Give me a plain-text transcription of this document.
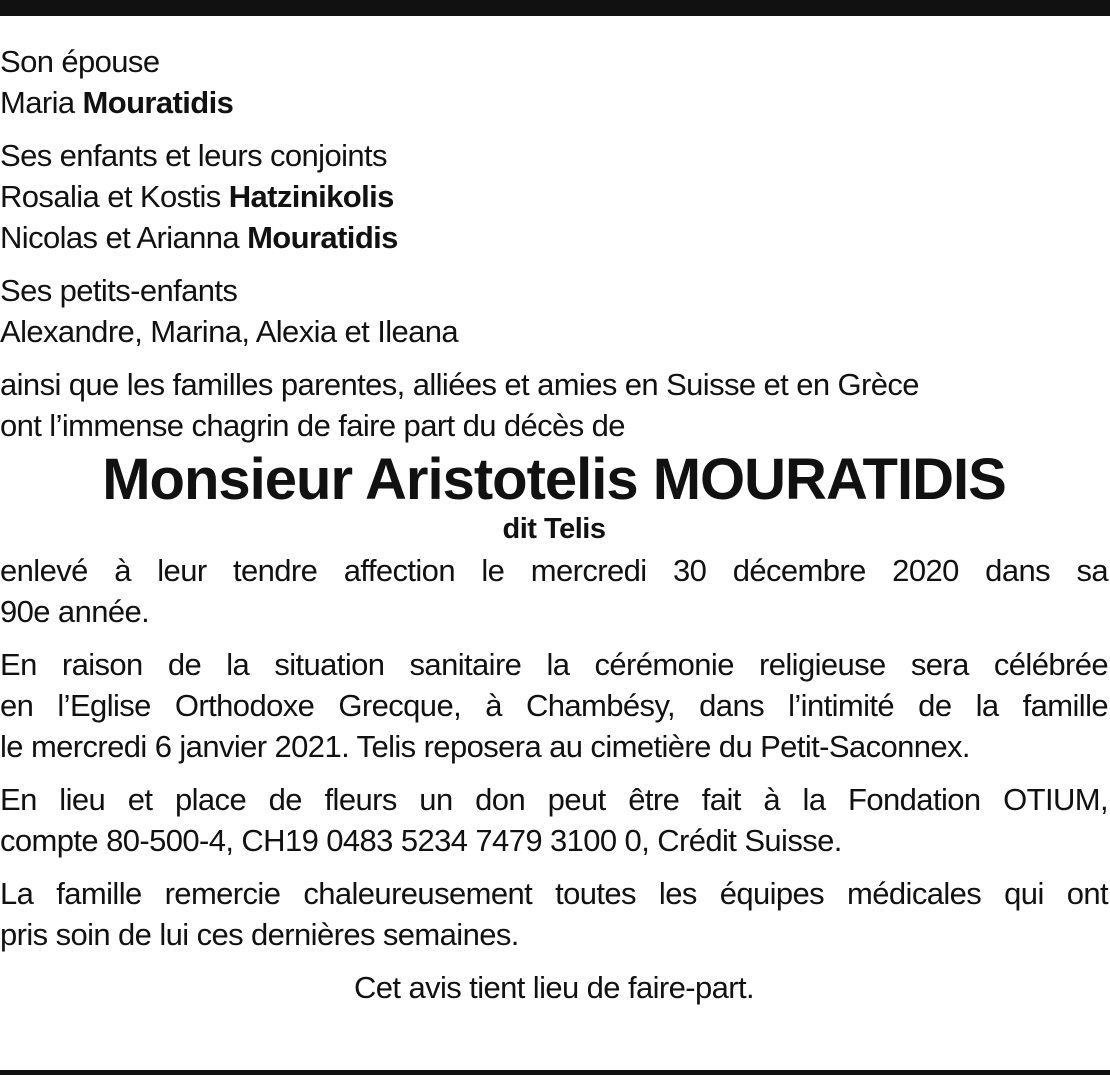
Son épouse
Maria Mouratidis
Ses enfants et leurs conjoints
Rosalia et Kostis Hatzinikolis
Nicolas et Arianna Mouratidis
Ses petits-enfants
Alexandre, Marina, Alexia et Ileana
ainsi que les familles parentes, alliées et amies en Suisse et en Grèce
ont l’immense chagrin de faire part du décès de
Monsieur Aristotelis MOURATIDIS
dit Telis
enlevé à leur tendre affection le mercredi 30 décembre 2020 dans sa
90e année.
En raison de la situation sanitaire la cérémonie religieuse sera célébrée
en l’Eglise Orthodoxe Grecque, à Chambésy, dans l’intimité de la famille
le mercredi 6 janvier 2021. Telis reposera au cimetière du Petit-Saconnex.
En lieu et place de fleurs un don peut être fait à la Fondation OTIUM,
compte 80-500-4, CH19 0483 5234 7479 3100 0, Crédit Suisse.
La famille remercie chaleureusement toutes les équipes médicales qui ont
pris soin de lui ces dernières semaines.
Cet avis tient lieu de faire-part.
